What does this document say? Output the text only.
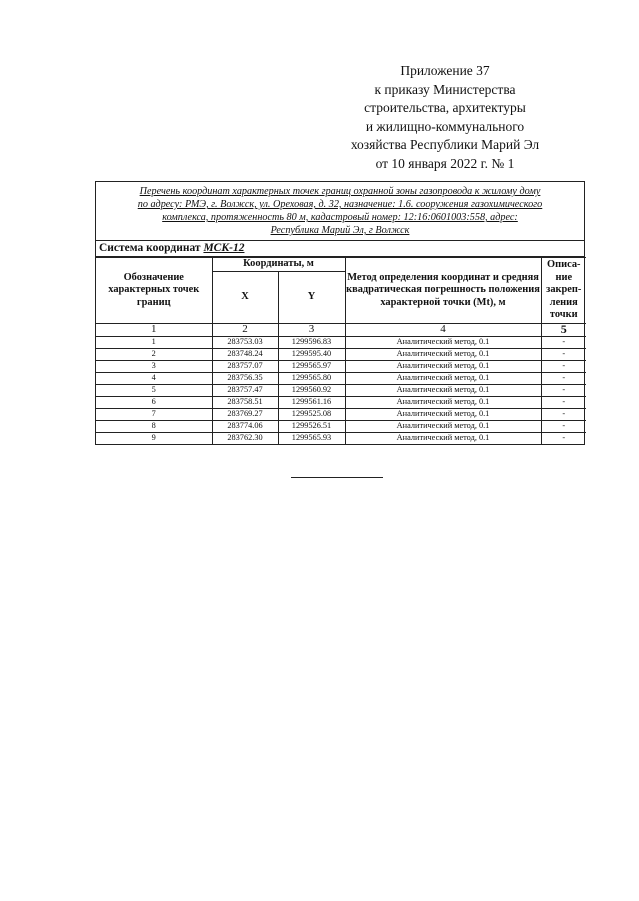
Приложение 37
к приказу Министерства
строительства, архитектуры
и жилищно-коммунального
хозяйства Республики Марий Эл
от 10 января 2022 г. № 1
Перечень координат характерных точек границ охранной зоны газопровода к жилому дому
по адресу: РМЭ, г. Волжск, ул. Ореховая, д. 32, назначение: 1.6. сооружения газохимического
комплекса, протяженность 80 м, кадастровый номер: 12:16:0601003:558, адрес:
Республика Марий Эл, г Волжск
Система координат МСК-12
Обозначение характерных точек границ	Координаты, м		Метод определения координат и средняя квадратическая погрешность положения характерной точки (Mt), м	Описа-ние закреп-ления точки
	X	Y		
1	2	3	4	5
1	283753.03	1299596.83	Аналитический метод, 0.1	-
2	283748.24	1299595.40	Аналитический метод, 0.1	-
3	283757.07	1299565.97	Аналитический метод, 0.1	-
4	283756.35	1299565.80	Аналитический метод, 0.1	-
5	283757.47	1299560.92	Аналитический метод, 0.1	-
6	283758.51	1299561.16	Аналитический метод, 0.1	-
7	283769.27	1299525.08	Аналитический метод, 0.1	-
8	283774.06	1299526.51	Аналитический метод, 0.1	-
9	283762.30	1299565.93	Аналитический метод, 0.1	-
